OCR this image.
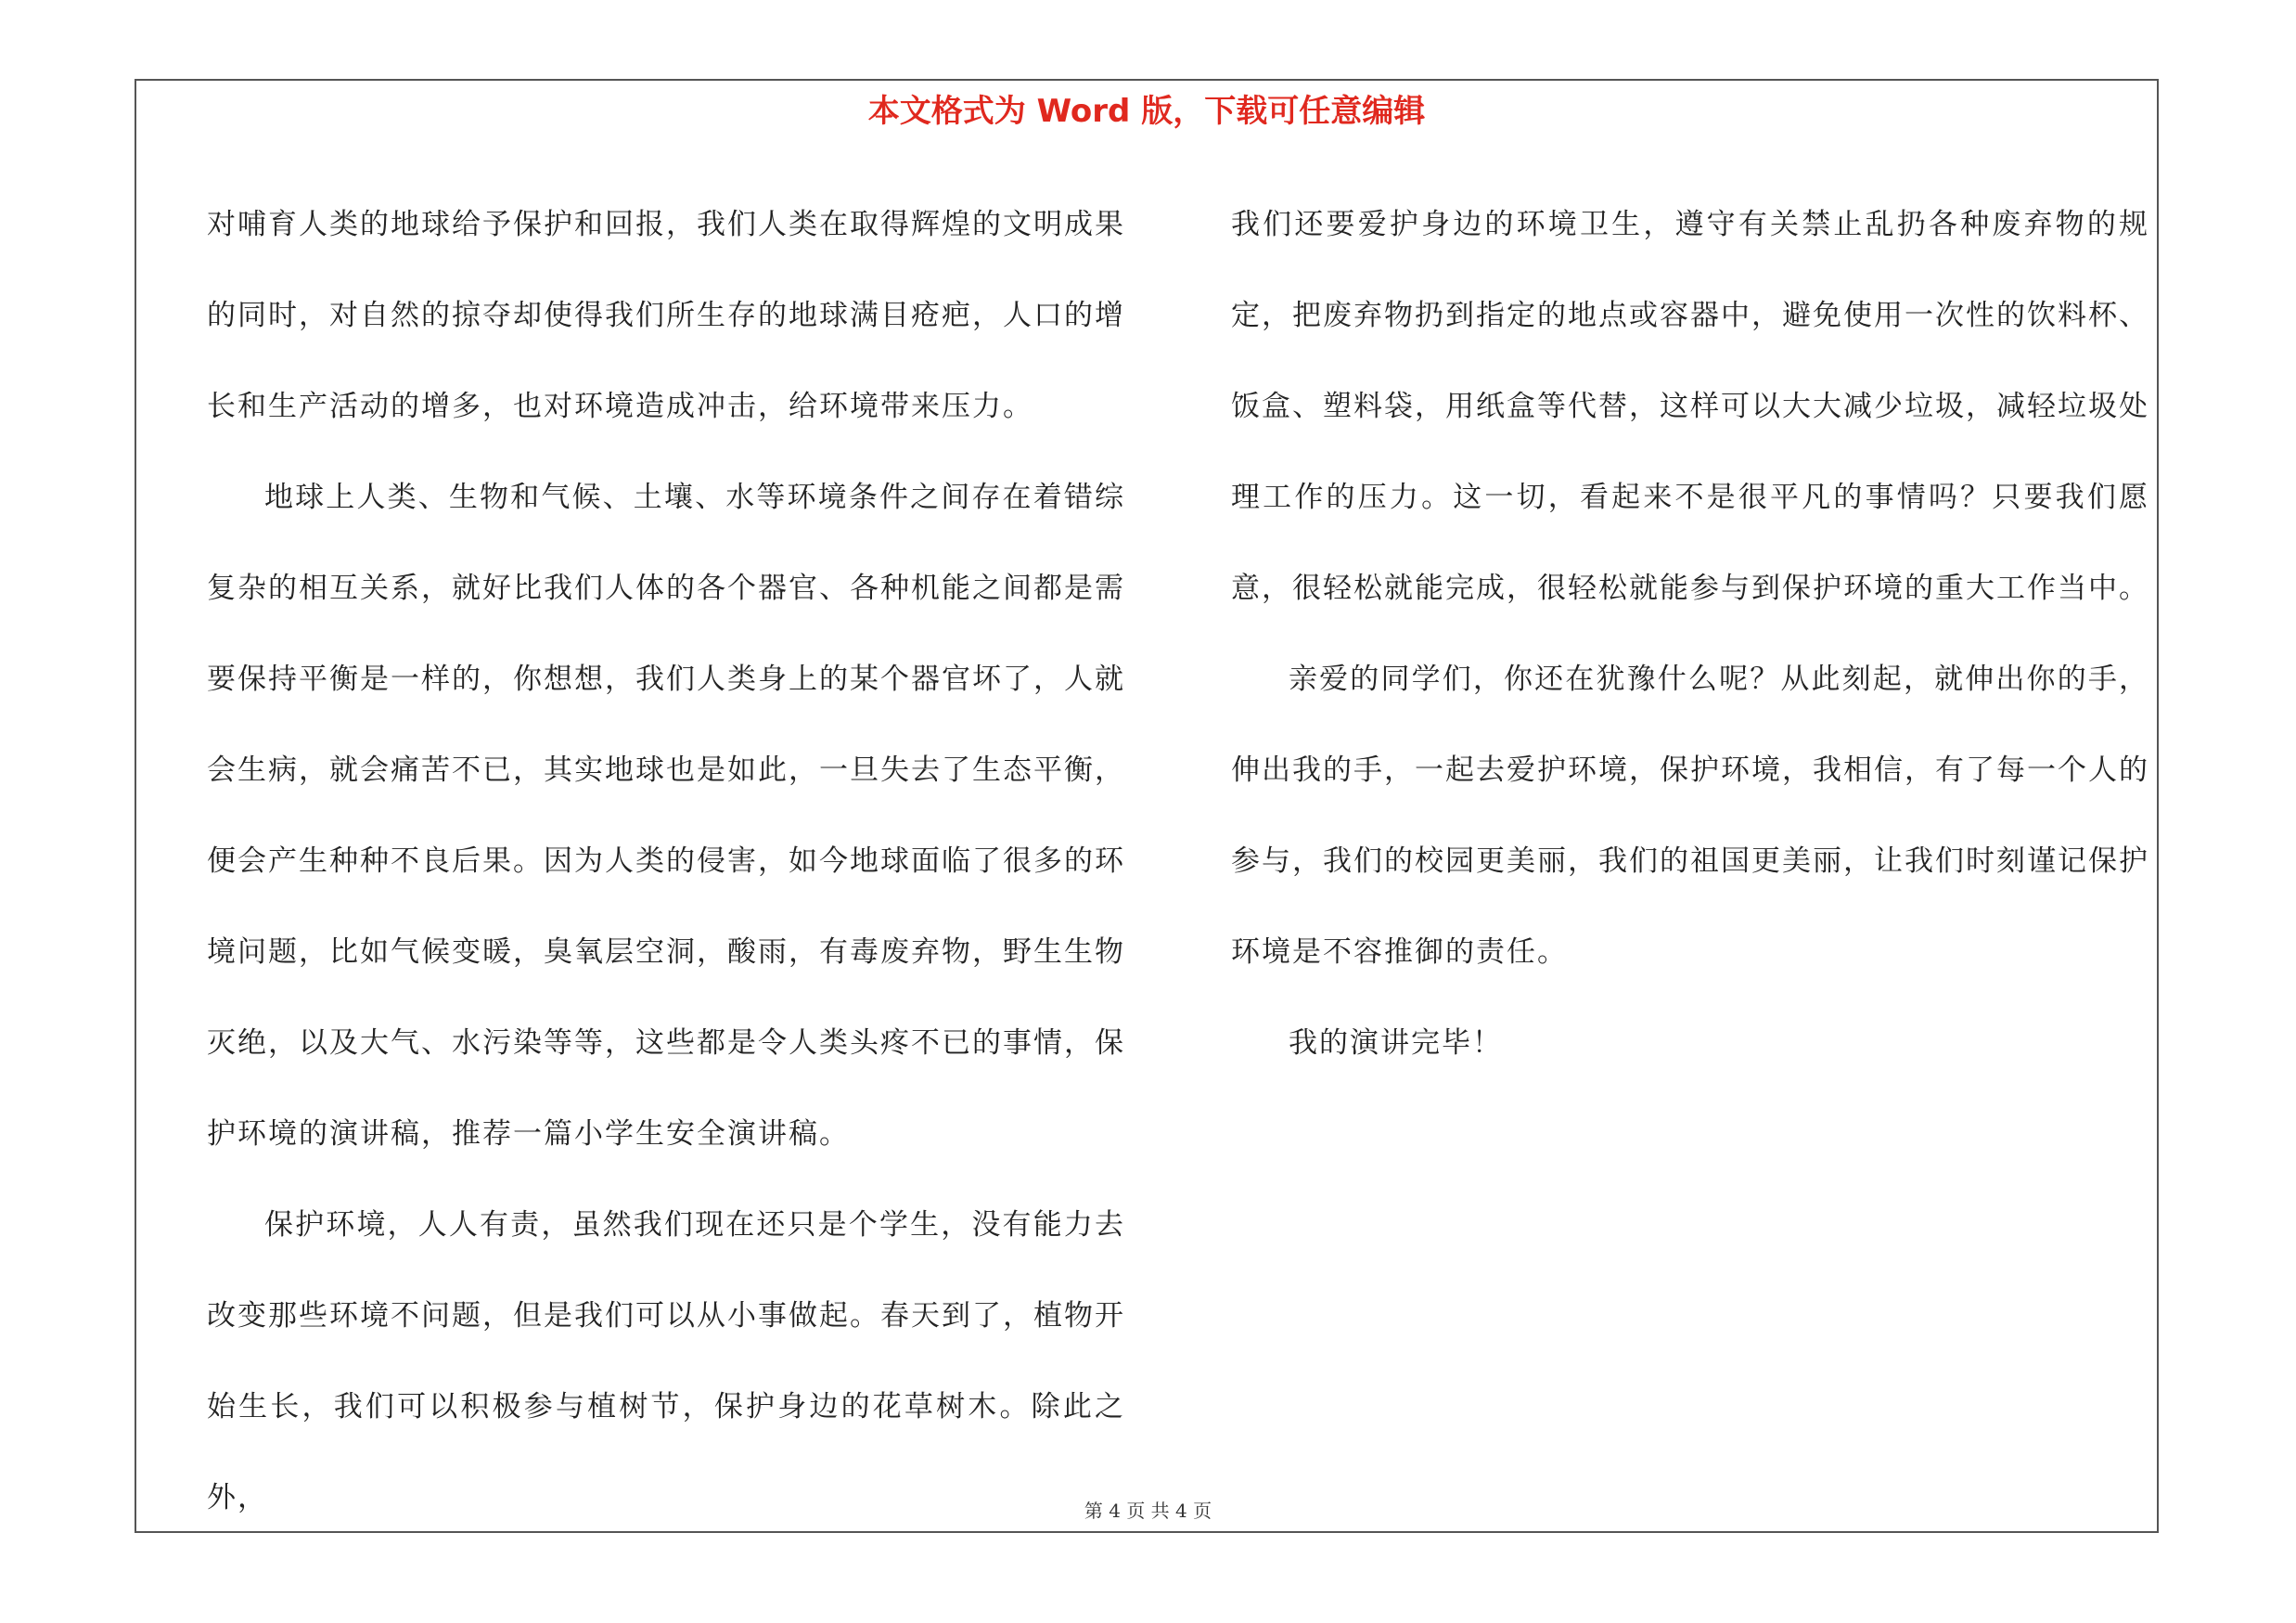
本文格式为 Word 版，下载可任意编辑

对哺育人类的地球给予保护和回报，我们人类在取得辉煌的文明成果的同时，对自然的掠夺却使得我们所生存的地球满目疮疤，人口的增长和生产活动的增多，也对环境造成冲击，给环境带来压力。

地球上人类、生物和气候、土壤、水等环境条件之间存在着错综复杂的相互关系，就好比我们人体的各个器官、各种机能之间都是需要保持平衡是一样的，你想想，我们人类身上的某个器官坏了，人就会生病，就会痛苦不已，其实地球也是如此，一旦失去了生态平衡，便会产生种种不良后果。因为人类的侵害，如今地球面临了很多的环境问题，比如气候变暖，臭氧层空洞，酸雨，有毒废弃物，野生生物灭绝，以及大气、水污染等等，这些都是令人类头疼不已的事情，保护环境的演讲稿，推荐一篇小学生安全演讲稿。

保护环境，人人有责，虽然我们现在还只是个学生，没有能力去改变那些环境不问题，但是我们可以从小事做起。春天到了，植物开始生长，我们可以积极参与植树节，保护身边的花草树木。除此之外，

我们还要爱护身边的环境卫生，遵守有关禁止乱扔各种废弃物的规定，把废弃物扔到指定的地点或容器中，避免使用一次性的饮料杯、饭盒、塑料袋，用纸盒等代替，这样可以大大减少垃圾，减轻垃圾处理工作的压力。这一切，看起来不是很平凡的事情吗？只要我们愿意，很轻松就能完成，很轻松就能参与到保护环境的重大工作当中。

亲爱的同学们，你还在犹豫什么呢？从此刻起，就伸出你的手，伸出我的手，一起去爱护环境，保护环境，我相信，有了每一个人的参与，我们的校园更美丽，我们的祖国更美丽，让我们时刻谨记保护环境是不容推御的责任。

我的演讲完毕！

第 4 页 共 4 页
